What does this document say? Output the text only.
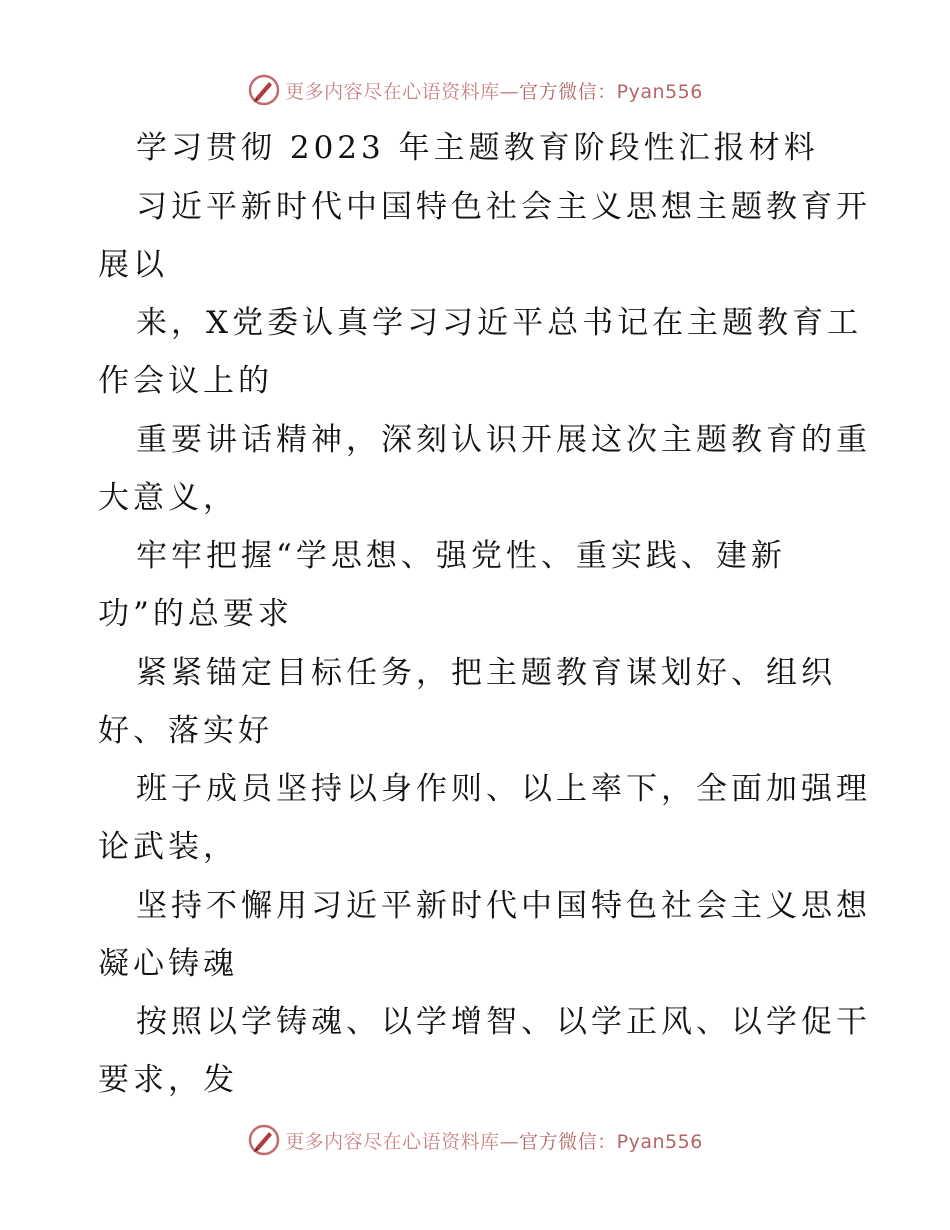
更多内容尽在心语资料库—官方微信：Pyan556
学习贯彻 2023 年主题教育阶段性汇报材料
习近平新时代中国特色社会主义思想主题教育开
展以
来，X党委认真学习习近平总书记在主题教育工
作会议上的
重要讲话精神，深刻认识开展这次主题教育的重
大意义，
牢牢把握“学思想、强党性、重实践、建新
功”的总要求
紧紧锚定目标任务，把主题教育谋划好、组织
好、落实好
班子成员坚持以身作则、以上率下，全面加强理
论武装，
坚持不懈用习近平新时代中国特色社会主义思想
凝心铸魂
按照以学铸魂、以学增智、以学正风、以学促干
要求，发
更多内容尽在心语资料库—官方微信：Pyan556
